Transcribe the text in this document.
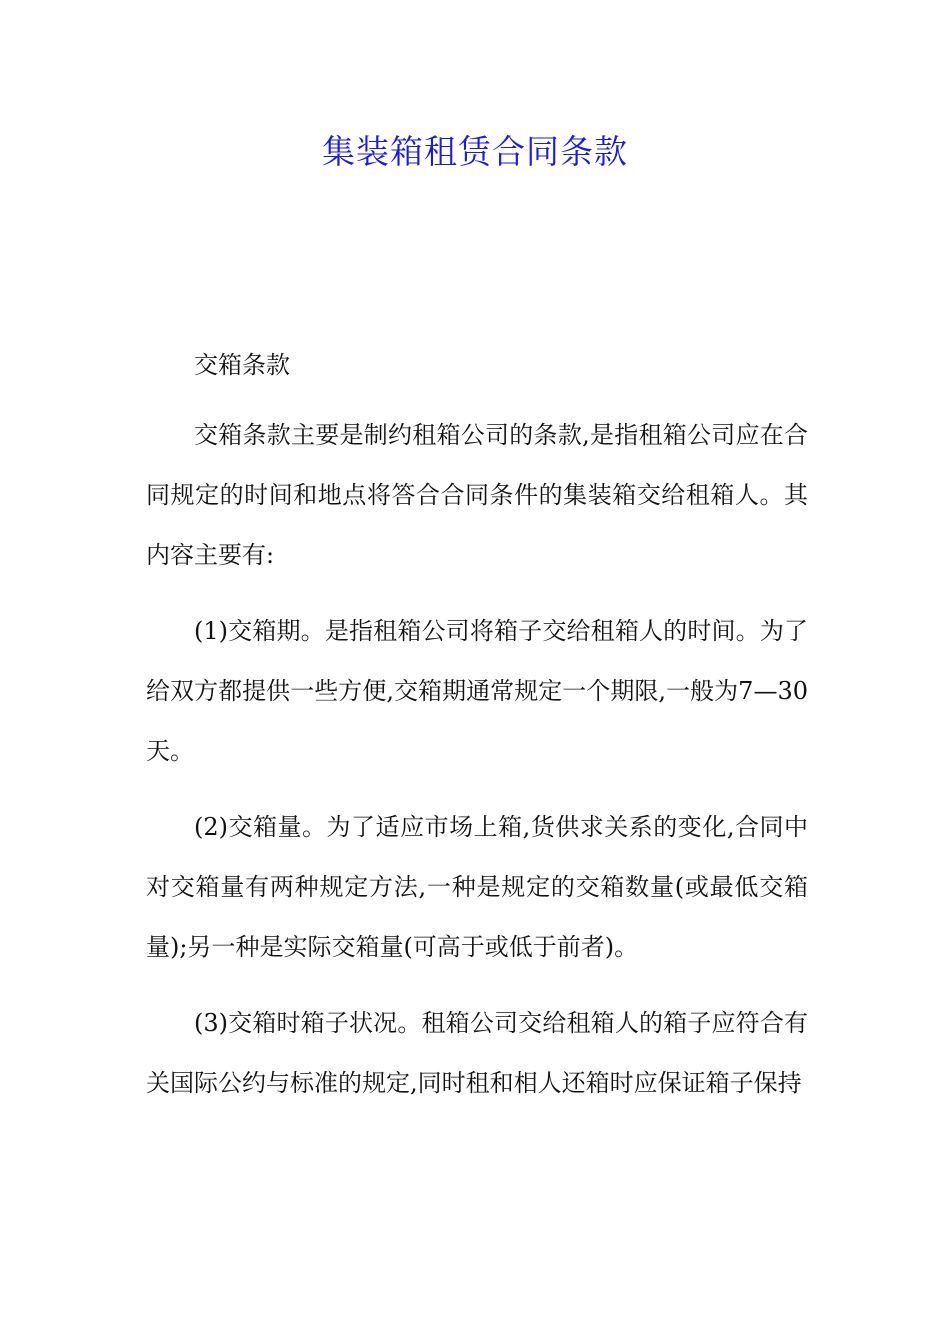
集装箱租赁合同条款

交箱条款

交箱条款主要是制约租箱公司的条款,是指租箱公司应在合同规定的时间和地点将答合合同条件的集装箱交给租箱人。其内容主要有:

(1)交箱期。是指租箱公司将箱子交给租箱人的时间。为了给双方都提供一些方便,交箱期通常规定一个期限,一般为7—30天。

(2)交箱量。为了适应市场上箱,货供求关系的变化,合同中对交箱量有两种规定方法,一种是规定的交箱数量(或最低交箱量);另一种是实际交箱量(可高于或低于前者)。

(3)交箱时箱子状况。租箱公司交给租箱人的箱子应符合有关国际公约与标准的规定,同时租和相人还箱时应保证箱子保持
